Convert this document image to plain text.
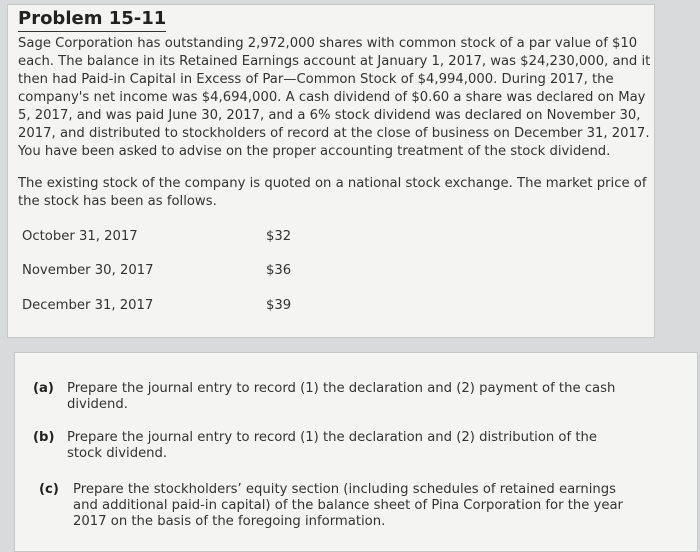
Problem 15-11

Sage Corporation has outstanding 2,972,000 shares with common stock of a par value of $10 each. The balance in its Retained Earnings account at January 1, 2017, was $24,230,000, and it then had Paid-in Capital in Excess of Par—Common Stock of $4,994,000. During 2017, the company's net income was $4,694,000. A cash dividend of $0.60 a share was declared on May 5, 2017, and was paid June 30, 2017, and a 6% stock dividend was declared on November 30, 2017, and distributed to stockholders of record at the close of business on December 31, 2017. You have been asked to advise on the proper accounting treatment of the stock dividend.

The existing stock of the company is quoted on a national stock exchange. The market price of the stock has been as follows.

October 31, 2017	$32
November 30, 2017	$36
December 31, 2017	$39
(a) Prepare the journal entry to record (1) the declaration and (2) payment of the cash dividend.
(b) Prepare the journal entry to record (1) the declaration and (2) distribution of the stock dividend.
(c) Prepare the stockholders’ equity section (including schedules of retained earnings and additional paid-in capital) of the balance sheet of Pina Corporation for the year 2017 on the basis of the foregoing information.
